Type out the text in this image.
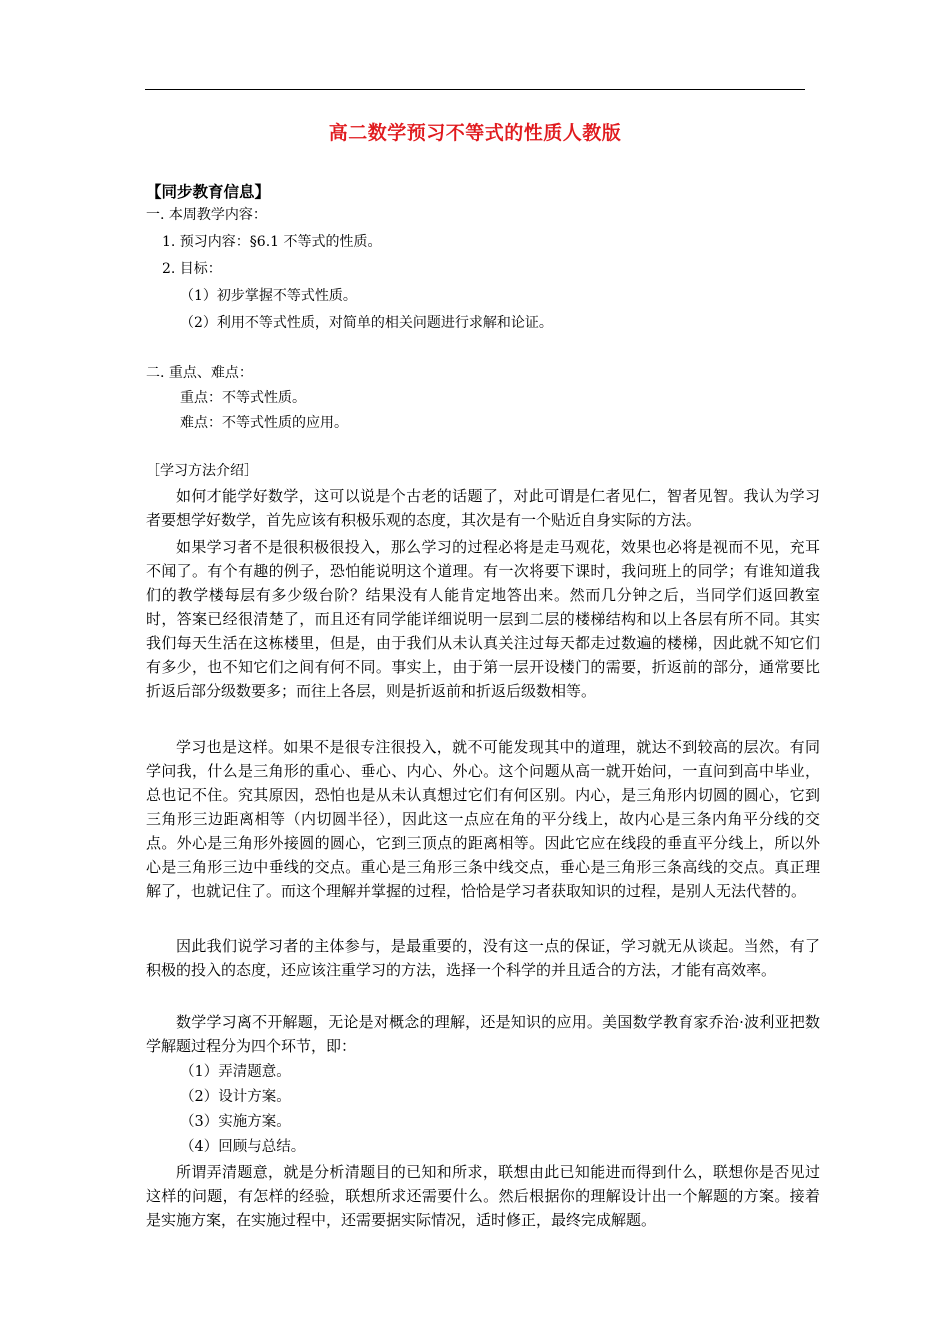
高二数学预习不等式的性质人教版
【同步教育信息】
一. 本周教学内容：
1. 预习内容：§6.1 不等式的性质。
2. 目标：
（1）初步掌握不等式性质。
（2）利用不等式性质，对简单的相关问题进行求解和论证。
二. 重点、难点：
重点：不等式性质。
难点：不等式性质的应用。
［学习方法介绍］

如何才能学好数学，这可以说是个古老的话题了，对此可谓是仁者见仁，智者见智。我认为学习者要想学好数学，首先应该有积极乐观的态度，其次是有一个贴近自身实际的方法。

如果学习者不是很积极很投入，那么学习的过程必将是走马观花，效果也必将是视而不见，充耳不闻了。有个有趣的例子，恐怕能说明这个道理。有一次将要下课时，我问班上的同学；有谁知道我们的教学楼每层有多少级台阶？结果没有人能肯定地答出来。然而几分钟之后，当同学们返回教室时，答案已经很清楚了，而且还有同学能详细说明一层到二层的楼梯结构和以上各层有所不同。其实我们每天生活在这栋楼里，但是，由于我们从未认真关注过每天都走过数遍的楼梯，因此就不知它们有多少，也不知它们之间有何不同。事实上，由于第一层开设楼门的需要，折返前的部分，通常要比折返后部分级数要多；而往上各层，则是折返前和折返后级数相等。

学习也是这样。如果不是很专注很投入，就不可能发现其中的道理，就达不到较高的层次。有同学问我，什么是三角形的重心、垂心、内心、外心。这个问题从高一就开始问，一直问到高中毕业，总也记不住。究其原因，恐怕也是从未认真想过它们有何区别。内心，是三角形内切圆的圆心，它到三角形三边距离相等（内切圆半径），因此这一点应在角的平分线上，故内心是三条内角平分线的交点。外心是三角形外接圆的圆心，它到三顶点的距离相等。因此它应在线段的垂直平分线上，所以外心是三角形三边中垂线的交点。重心是三角形三条中线交点，垂心是三角形三条高线的交点。真正理解了，也就记住了。而这个理解并掌握的过程，恰恰是学习者获取知识的过程，是别人无法代替的。

因此我们说学习者的主体参与，是最重要的，没有这一点的保证，学习就无从谈起。当然，有了积极的投入的态度，还应该注重学习的方法，选择一个科学的并且适合的方法，才能有高效率。

数学学习离不开解题，无论是对概念的理解，还是知识的应用。美国数学教育家乔治·波利亚把数学解题过程分为四个环节，即：

（1）弄清题意。
（2）设计方案。
（3）实施方案。
（4）回顾与总结。

所谓弄清题意，就是分析清题目的已知和所求，联想由此已知能进而得到什么，联想你是否见过这样的问题，有怎样的经验，联想所求还需要什么。然后根据你的理解设计出一个解题的方案。接着是实施方案，在实施过程中，还需要据实际情况，适时修正，最终完成解题。
